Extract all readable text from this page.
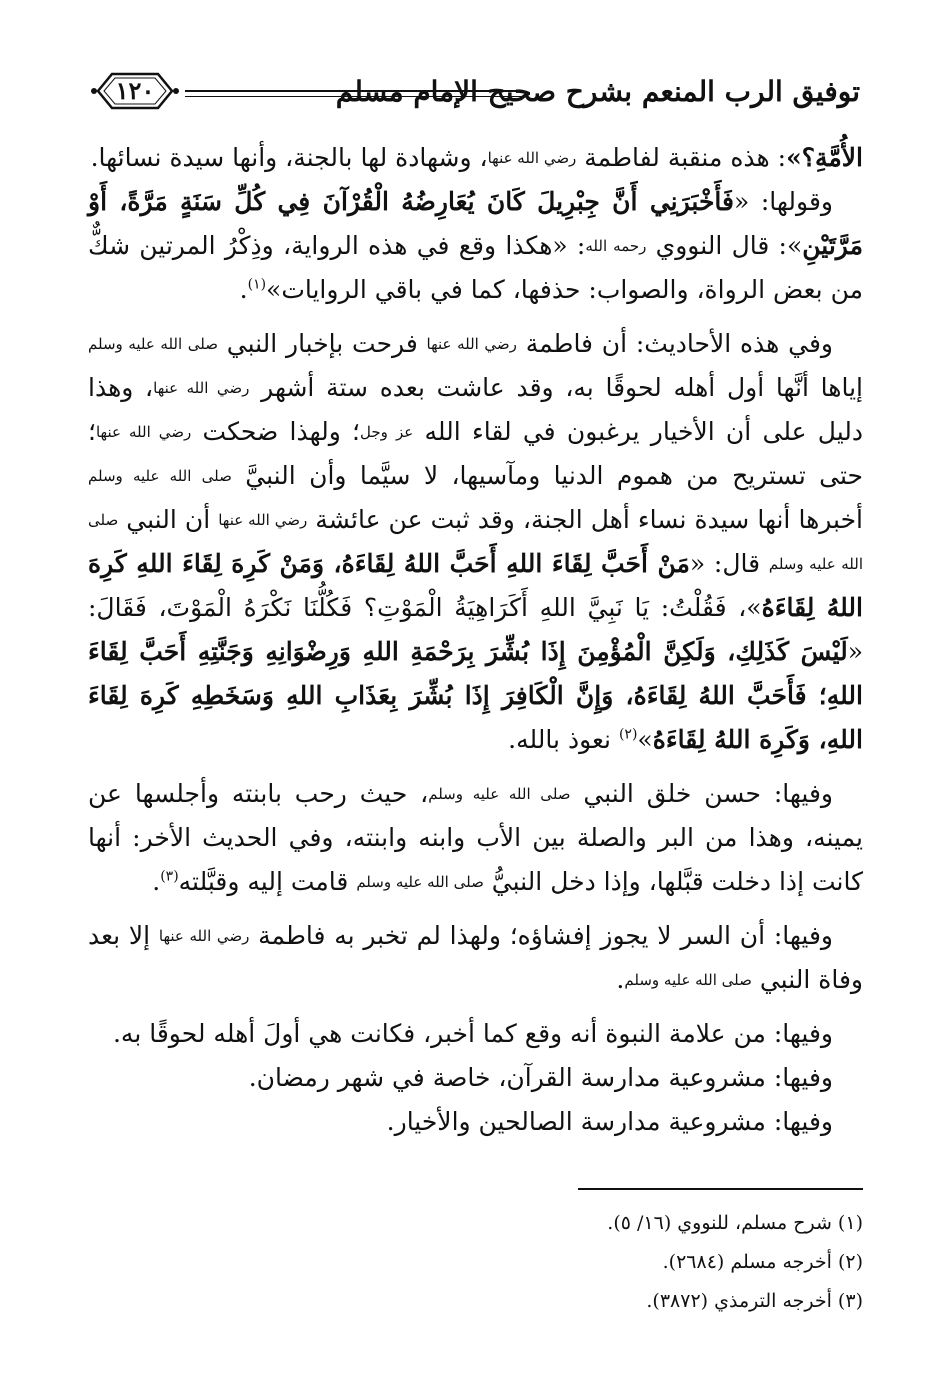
توفيق الرب المنعم بشرح صحيح الإمام مسلم
١٢٠

الأُمَّةِ؟»: هذه منقبة لفاطمة $^{رضي الله عنها}$، وشهادة لها بالجنة، وأنها سيدة نسائها.

وقولها: «فَأَخْبَرَنِي أَنَّ جِبْرِيلَ كَانَ يُعَارِضُهُ الْقُرْآنَ فِي كُلِّ سَنَةٍ مَرَّةً، أَوْ مَرَّتَيْنِ»: قال النووي $^{رحمه الله}$: «هكذا وقع في هذه الرواية، وذِكْرُ المرتين شكٌّ من بعض الرواة، والصواب: حذفها، كما في باقي الروايات»$^{(١)}$.

وفي هذه الأحاديث: أن فاطمة $^{رضي الله عنها}$ فرحت بإخبار النبي $^{صلى الله عليه وسلم}$ إياها أنَّها أول أهله لحوقًا به، وقد عاشت بعده ستة أشهر $^{رضي الله عنها}$، وهذا دليل على أن الأخيار يرغبون في لقاء الله $^{عز وجل}$؛ ولهذا ضحكت $^{رضي الله عنها}$؛ حتى تستريح من هموم الدنيا ومآسيها، لا سيَّما وأن النبيَّ $^{صلى الله عليه وسلم}$ أخبرها أنها سيدة نساء أهل الجنة، وقد ثبت عن عائشة $^{رضي الله عنها}$ أن النبي $^{صلى الله عليه وسلم}$ قال: «مَنْ أَحَبَّ لِقَاءَ اللهِ أَحَبَّ اللهُ لِقَاءَهُ، وَمَنْ كَرِهَ لِقَاءَ اللهِ كَرِهَ اللهُ لِقَاءَهُ»، فَقُلْتُ: يَا نَبِيَّ اللهِ أَكَرَاهِيَةُ الْمَوْتِ؟ فَكُلُّنَا نَكْرَهُ الْمَوْتَ، فَقَالَ: «لَيْسَ كَذَلِكِ، وَلَكِنَّ الْمُؤْمِنَ إِذَا بُشِّرَ بِرَحْمَةِ اللهِ وَرِضْوَانِهِ وَجَنَّتِهِ أَحَبَّ لِقَاءَ اللهِ؛ فَأَحَبَّ اللهُ لِقَاءَهُ، وَإِنَّ الْكَافِرَ إِذَا بُشِّرَ بِعَذَابِ اللهِ وَسَخَطِهِ كَرِهَ لِقَاءَ اللهِ، وَكَرِهَ اللهُ لِقَاءَهُ»$^{(٢)}$ نعوذ بالله.

وفيها: حسن خلق النبي $^{صلى الله عليه وسلم}$، حيث رحب بابنته وأجلسها عن يمينه، وهذا من البر والصلة بين الأب وابنه وابنته، وفي الحديث الأخر: أنها كانت إذا دخلت قبَّلها، وإذا دخل النبيُّ $^{صلى الله عليه وسلم}$ قامت إليه وقبَّلته$^{(٣)}$.

وفيها: أن السر لا يجوز إفشاؤه؛ ولهذا لم تخبر به فاطمة $^{رضي الله عنها}$ إلا بعد وفاة النبي $^{صلى الله عليه وسلم}$.

وفيها: من علامة النبوة أنه وقع كما أخبر، فكانت هي أولَ أهله لحوقًا به.

وفيها: مشروعية مدارسة القرآن، خاصة في شهر رمضان.

وفيها: مشروعية مدارسة الصالحين والأخيار.

(١) شرح مسلم، للنووي (١٦/ ٥).
(٢) أخرجه مسلم (٢٦٨٤).
(٣) أخرجه الترمذي (٣٨٧٢).
